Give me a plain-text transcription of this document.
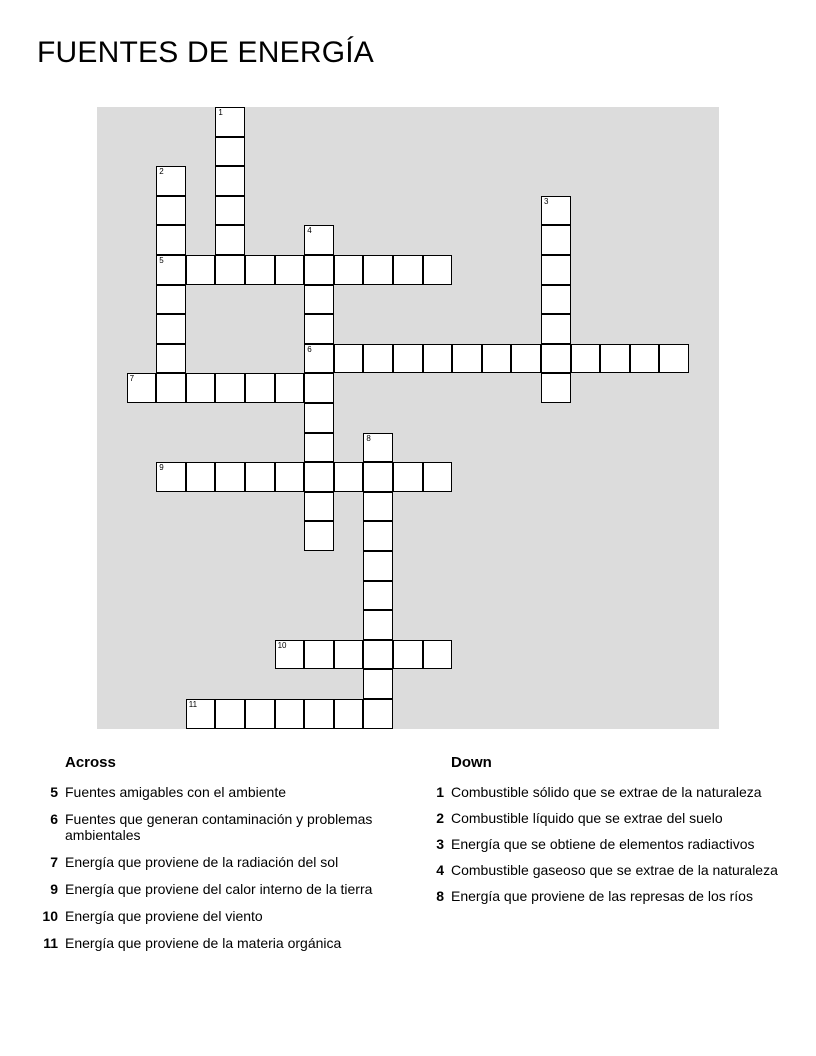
FUENTES DE ENERGÍA
1
2
5
3
4
6
7
8
9
10
11
Across
5 Fuentes amigables con el ambiente
6 Fuentes que generan contaminación y problemas ambientales
7 Energía que proviene de la radiación del sol
9 Energía que proviene del calor interno de la tierra
10 Energía que proviene del viento
11 Energía que proviene de la materia orgánica
Down
1 Combustible sólido que se extrae de la naturaleza
2 Combustible líquido que se extrae del suelo
3 Energía que se obtiene de elementos radiactivos
4 Combustible gaseoso que se extrae de la naturaleza
8 Energía que proviene de las represas de los ríos
